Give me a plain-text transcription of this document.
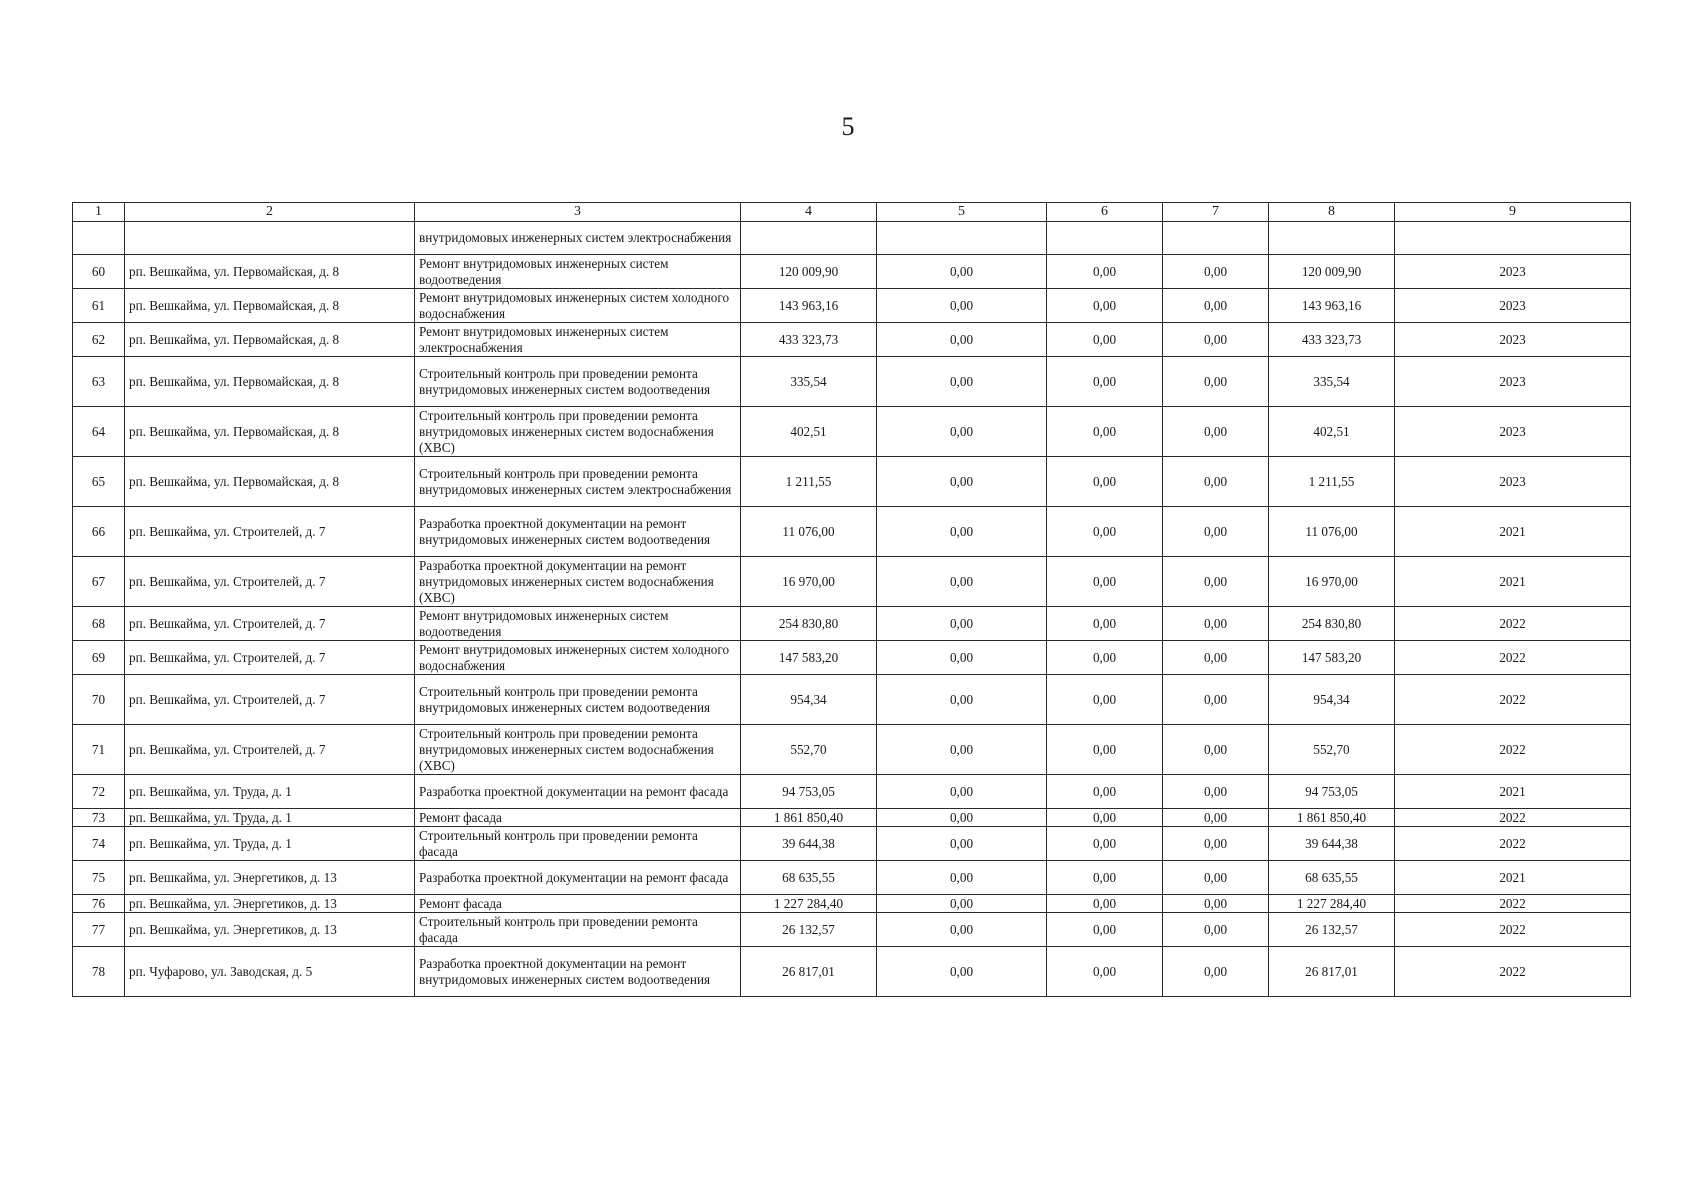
5
1	2	3	4	5	6	7	8	9
		внутридомовых инженерных систем электроснабжения						
60	рп. Вешкайма, ул. Первомайская, д. 8	Ремонт внутридомовых инженерных систем водоотведения	120 009,90	0,00	0,00	0,00	120 009,90	2023
61	рп. Вешкайма, ул. Первомайская, д. 8	Ремонт внутридомовых инженерных систем холодного водоснабжения	143 963,16	0,00	0,00	0,00	143 963,16	2023
62	рп. Вешкайма, ул. Первомайская, д. 8	Ремонт внутридомовых инженерных систем электроснабжения	433 323,73	0,00	0,00	0,00	433 323,73	2023
63	рп. Вешкайма, ул. Первомайская, д. 8	Строительный контроль при проведении ремонта внутридомовых инженерных систем водоотведения	335,54	0,00	0,00	0,00	335,54	2023
64	рп. Вешкайма, ул. Первомайская, д. 8	Строительный контроль при проведении ремонта внутридомовых инженерных систем водоснабжения (ХВС)	402,51	0,00	0,00	0,00	402,51	2023
65	рп. Вешкайма, ул. Первомайская, д. 8	Строительный контроль при проведении ремонта внутридомовых инженерных систем электроснабжения	1 211,55	0,00	0,00	0,00	1 211,55	2023
66	рп. Вешкайма, ул. Строителей, д. 7	Разработка проектной документации на ремонт внутридомовых инженерных систем водоотведения	11 076,00	0,00	0,00	0,00	11 076,00	2021
67	рп. Вешкайма, ул. Строителей, д. 7	Разработка проектной документации на ремонт внутридомовых инженерных систем водоснабжения (ХВС)	16 970,00	0,00	0,00	0,00	16 970,00	2021
68	рп. Вешкайма, ул. Строителей, д. 7	Ремонт внутридомовых инженерных систем водоотведения	254 830,80	0,00	0,00	0,00	254 830,80	2022
69	рп. Вешкайма, ул. Строителей, д. 7	Ремонт внутридомовых инженерных систем холодного водоснабжения	147 583,20	0,00	0,00	0,00	147 583,20	2022
70	рп. Вешкайма, ул. Строителей, д. 7	Строительный контроль при проведении ремонта внутридомовых инженерных систем водоотведения	954,34	0,00	0,00	0,00	954,34	2022
71	рп. Вешкайма, ул. Строителей, д. 7	Строительный контроль при проведении ремонта внутридомовых инженерных систем водоснабжения (ХВС)	552,70	0,00	0,00	0,00	552,70	2022
72	рп. Вешкайма, ул. Труда, д. 1	Разработка проектной документации на ремонт фасада	94 753,05	0,00	0,00	0,00	94 753,05	2021
73	рп. Вешкайма, ул. Труда, д. 1	Ремонт фасада	1 861 850,40	0,00	0,00	0,00	1 861 850,40	2022
74	рп. Вешкайма, ул. Труда, д. 1	Строительный контроль при проведении ремонта фасада	39 644,38	0,00	0,00	0,00	39 644,38	2022
75	рп. Вешкайма, ул. Энергетиков, д. 13	Разработка проектной документации на ремонт фасада	68 635,55	0,00	0,00	0,00	68 635,55	2021
76	рп. Вешкайма, ул. Энергетиков, д. 13	Ремонт фасада	1 227 284,40	0,00	0,00	0,00	1 227 284,40	2022
77	рп. Вешкайма, ул. Энергетиков, д. 13	Строительный контроль при проведении ремонта фасада	26 132,57	0,00	0,00	0,00	26 132,57	2022
78	рп. Чуфарово, ул. Заводская, д. 5	Разработка проектной документации на ремонт внутридомовых инженерных систем водоотведения	26 817,01	0,00	0,00	0,00	26 817,01	2022
